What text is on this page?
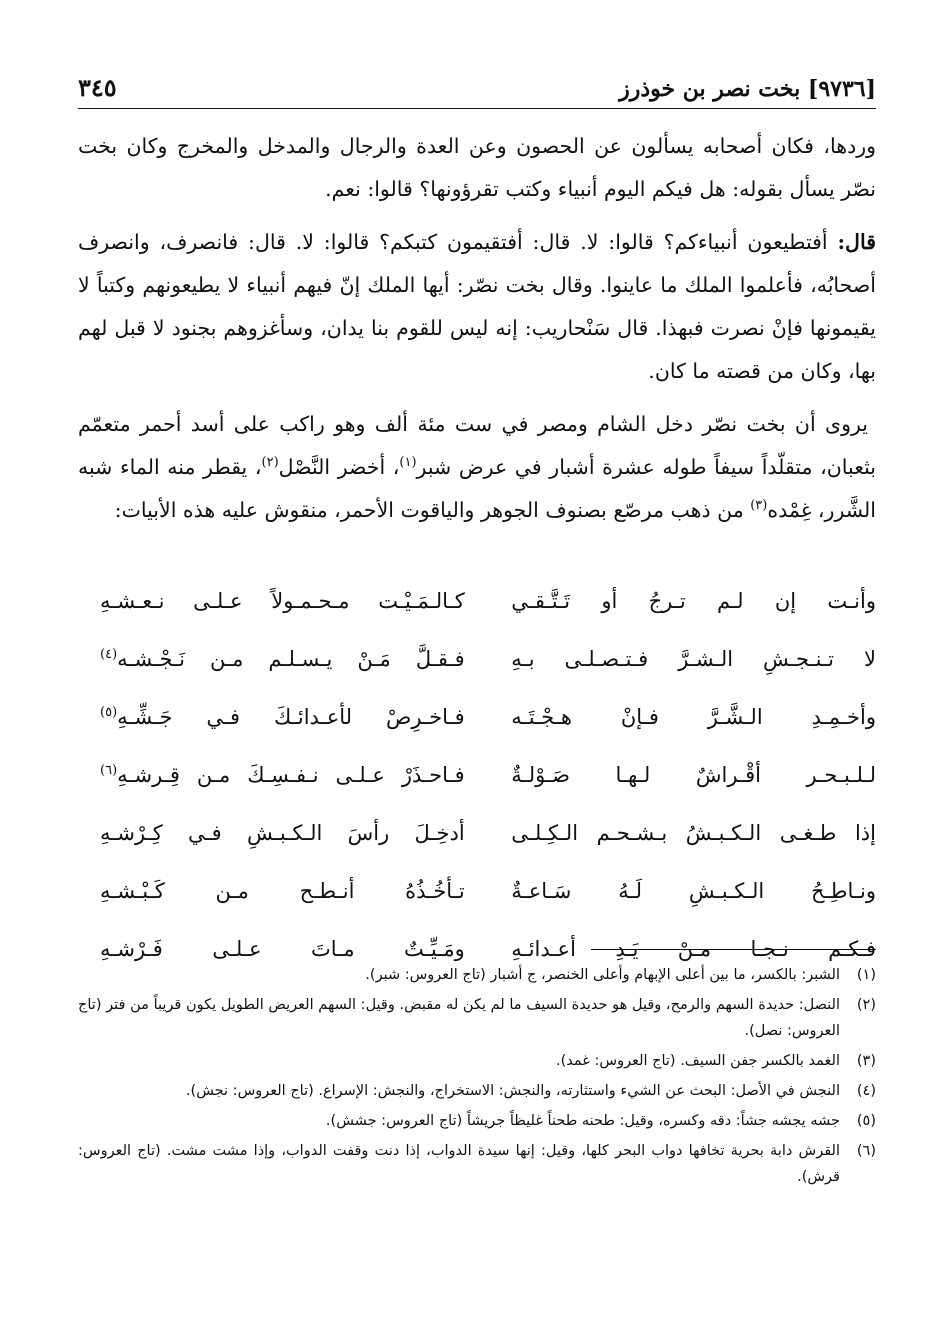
[٩٧٣٦] بخت نصر بن خوذرز
٣٤٥

وردها، فكان أصحابه يسألون عن الحصون وعن العدة والرجال والمدخل والمخرج وكان بخت نصّر يسأل بقوله: هل فيكم اليوم أنبياء وكتب تقرؤونها؟ قالوا: نعم.

قال: أفتطيعون أنبياءكم؟ قالوا: لا. قال: أفتقيمون كتبكم؟ قالوا: لا. قال: فانصرف، وانصرف أصحابُه، فأعلموا الملك ما عاينوا. وقال بخت نصّر: أيها الملك إنّ فيهم أنبياء لا يطيعونهم وكتباً لا يقيمونها فإنْ نصرت فبهذا. قال سَنْحاريب: إنه ليس للقوم بنا يدان، وسأغزوهم بجنود لا قبل لهم بها، وكان من قصته ما كان.

يروى أن بخت نصّر دخل الشام ومصر في ست مئة ألف وهو راكب على أسد أحمر متعمّم بثعبان، متقلّداً سيفاً طوله عشرة أشبار في عرض شبر$^{(١)}$، أخضر النَّصْل$^{(٢)}$، يقطر منه الماء شبه الشَّرر، غِمْده$^{(٣)}$ من ذهب مرصّع بصنوف الجوهر والياقوت الأحمر، منقوش عليه هذه الأبيات:

وأنـت إن لـم تـرجُ أو تَـتَّـقـي
كـالـمَـيْـت مـحـمـولاً عـلـى نـعـشـهِ
لا تـنـجـشِ الـشـرَّ فـتـصـلـى بـهِ
فـقـلَّ مَـنْ يـسـلـم مـن نَـجْـشـه$^{(٤)}$
وأخـمِـدِ الـشَّـرَّ فـإنْ هـجْـتَـه
فـاخـرِصْ لأعـدائـكَ فـي جَـشِّـهِ$^{(٥)}$
لـلـبـحـر أقْـراشٌ لـهـا صَـوْلـةٌ
فـاحـذَرْ عـلـى نـفـسِـكَ مـن قِـرشـهِ$^{(٦)}$
إذا طـغـى الـكـبـشُ بـشـحـم الـكِـلـى
أدخِـلَ رأسَ الـكـبـشِ فـي كِـرْشـهِ
ونـاطِـحُ الـكـبـشِ لَـهُ سَـاعـةٌ
تـأخُـذُهُ أنـطـح مـن كَـبْـشـهِ
فـكـم نـجـا مـنْ يَـدِ أعـدائـهِ
ومَـيِّـتٌ مـاتَ عـلـى فَـرْشـهِ
(١)
الشبر: بالكسر، ما بين أعلى الإبهام وأعلى الخنصر، ج أشبار (تاج العروس: شبر).
(٢)
النصل: حديدة السهم والرمح، وقيل هو حديدة السيف ما لم يكن له مقبض. وقيل: السهم العريض الطويل يكون قريباً من فتر (تاج العروس: نصل).
(٣)
الغمد بالكسر جفن السيف. (تاج العروس: غمد).
(٤)
النجش في الأصل: البحث عن الشيء واستثارته، والنجش: الاستخراج، والنجش: الإسراع. (تاج العروس: نجش).
(٥)
جشه يجشه جشاً: دقه وكسره، وقيل: طحنه طحناً غليظاً جريشاً (تاج العروس: جشش).
(٦)
القرش دابة بحرية تخافها دواب البحر كلها، وقيل: إنها سيدة الدواب، إذا دنت وقفت الدواب، وإذا مشت مشت. (تاج العروس: قرش).
